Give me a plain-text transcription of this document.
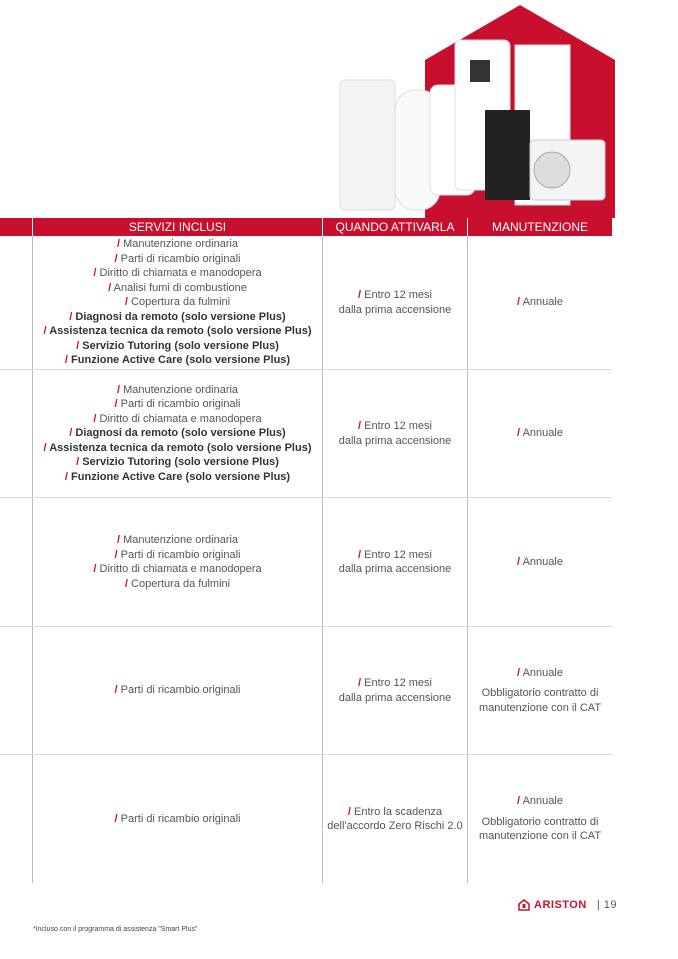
SERVIZI INCLUSI	QUANDO ATTIVARLA	MANUTENZIONE
/ Manutenzione ordinaria
/ Parti di ricambio originali
/ Diritto di chiamata e manodopera
/ Analisi fumi di combustione
/ Copertura da fulmini
/ Diagnosi da remoto (solo versione Plus)
/ Assistenza tecnica da remoto (solo versione Plus)
/ Servizio Tutoring (solo versione Plus)
/ Funzione Active Care (solo versione Plus)
/ Entro 12 mesi
dalla prima accensione
/ Annuale
/ Manutenzione ordinaria
/ Parti di ricambio originali
/ Diritto di chiamata e manodopera
/ Diagnosi da remoto (solo versione Plus)
/ Assistenza tecnica da remoto (solo versione Plus)
/ Servizio Tutoring (solo versione Plus)
/ Funzione Active Care (solo versione Plus)
/ Entro 12 mesi
dalla prima accensione
/ Annuale
/ Manutenzione ordinaria
/ Parti di ricambio originali
/ Diritto di chiamata e manodopera
/ Copertura da fulmini
/ Entro 12 mesi
dalla prima accensione
/ Annuale
/ Parti di ricambio originali
/ Entro 12 mesi
dalla prima accensione
/ Annuale
Obbligatorio contratto di
manutenzione con il CAT
/ Parti di ricambio originali
/ Entro la scadenza
dell'accordo Zero Rischi 2.0
/ Annuale
Obbligatorio contratto di
manutenzione con il CAT
ARISTON | 19
*Incluso con il programma di assistenza "Smart Plus"
